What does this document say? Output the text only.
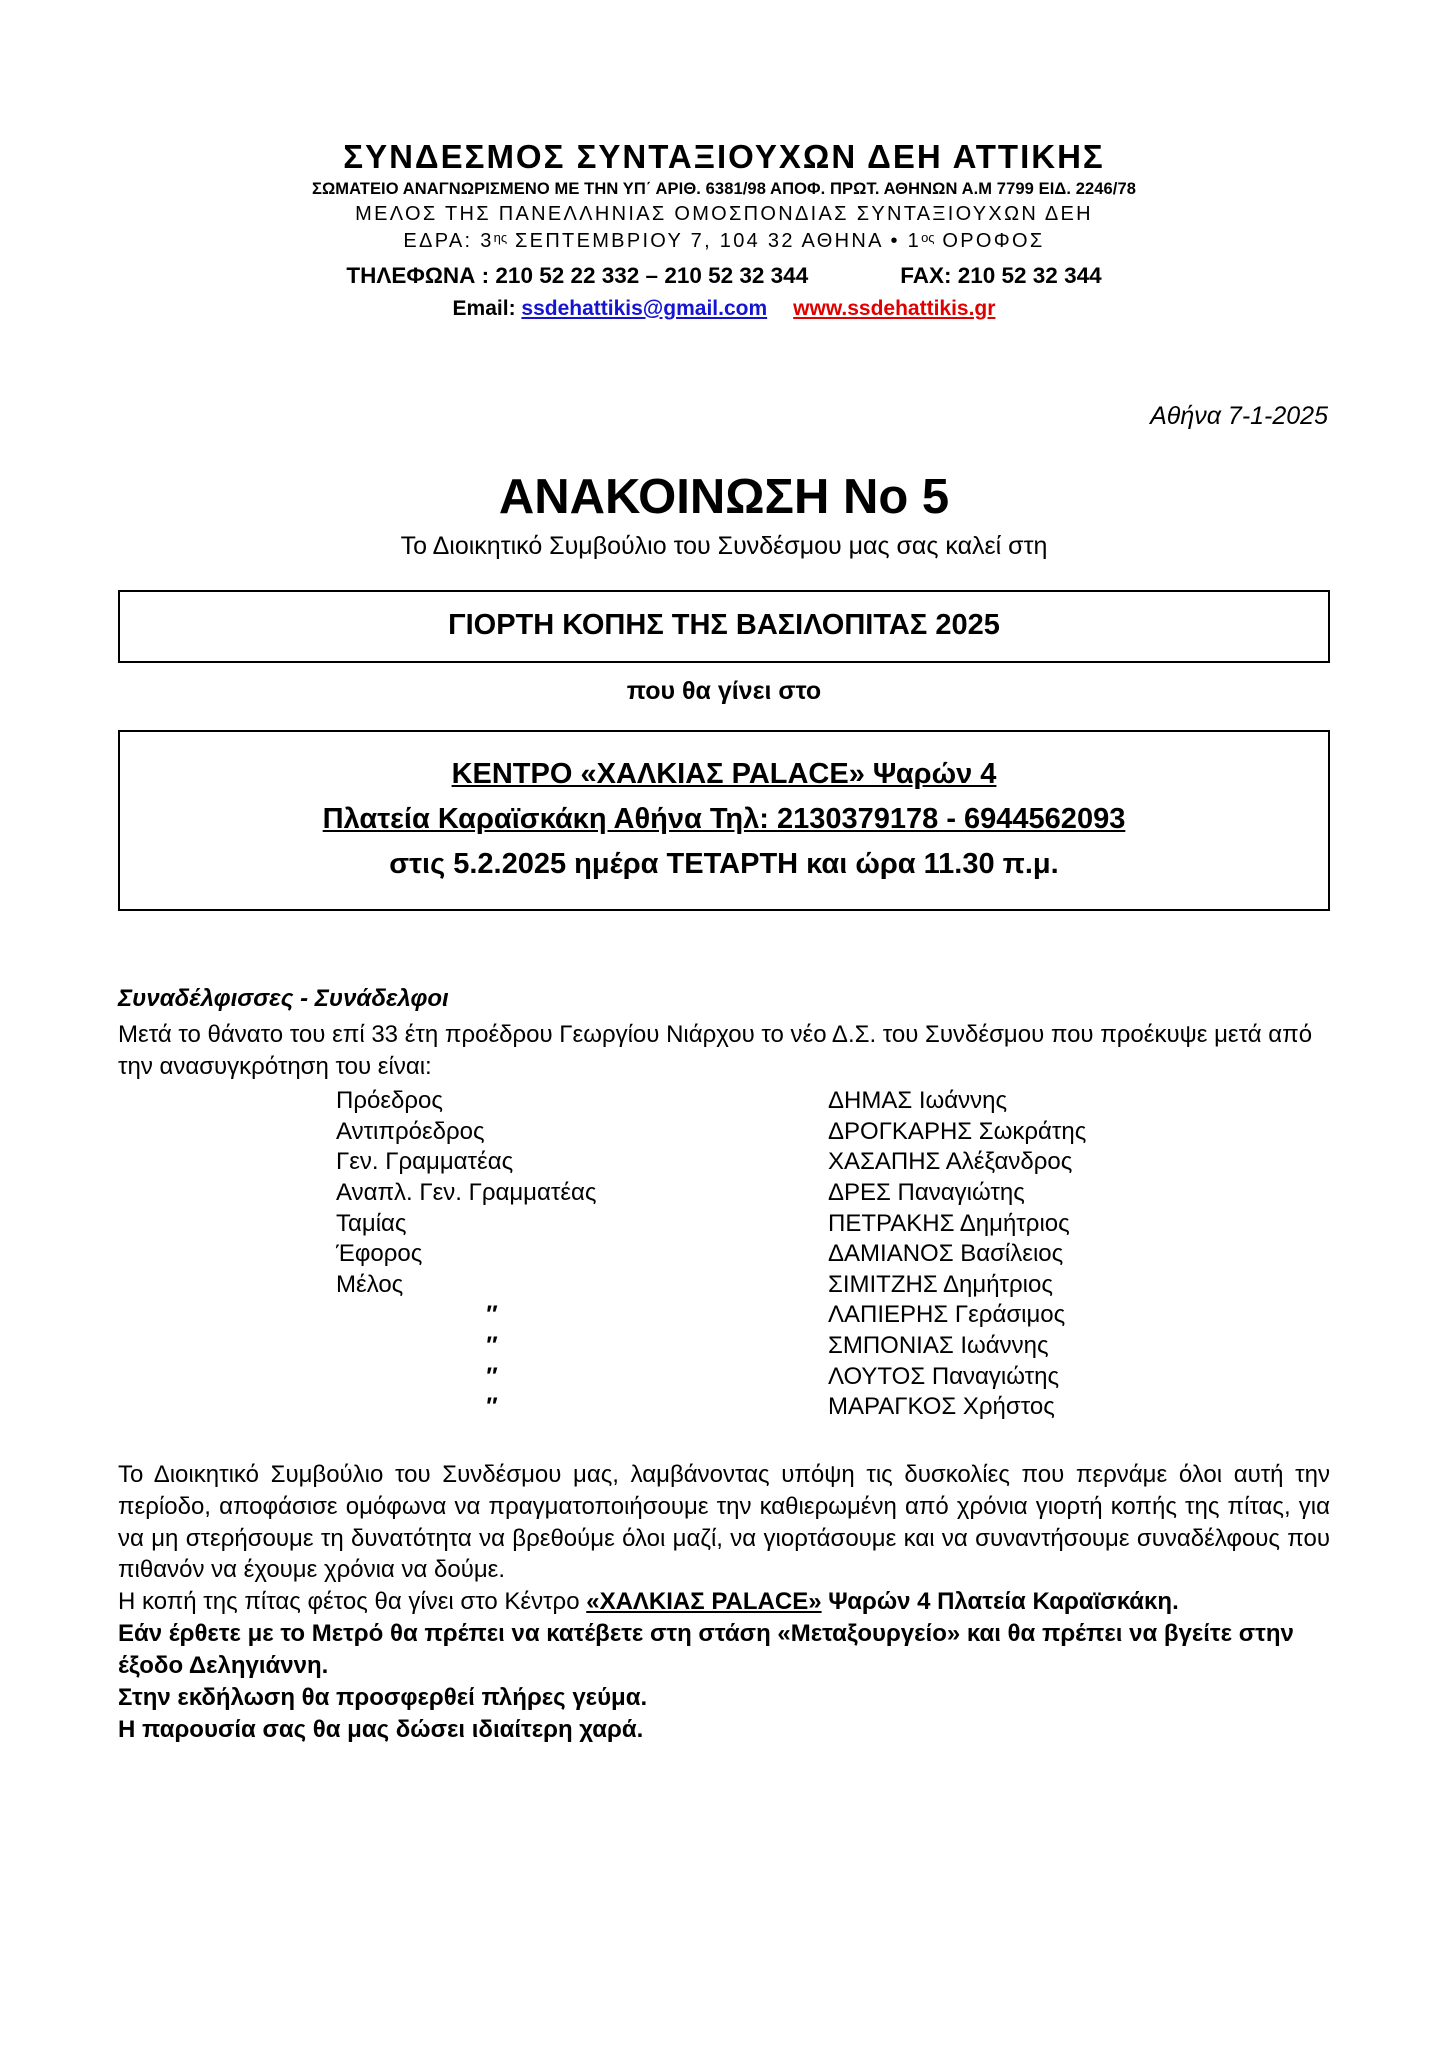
ΣΥΝΔΕΣΜΟΣ ΣΥΝΤΑΞΙΟΥΧΩΝ ΔΕΗ ΑΤΤΙΚΗΣ
ΣΩΜΑΤΕΙΟ ΑΝΑΓΝΩΡΙΣΜΕΝΟ ΜΕ ΤΗΝ ΥΠ΄ ΑΡΙΘ. 6381/98 ΑΠΟΦ. ΠΡΩΤ. ΑΘΗΝΩΝ Α.Μ 7799 ΕΙΔ. 2246/78
ΜΕΛΟΣ ΤΗΣ ΠΑΝΕΛΛΗΝΙΑΣ ΟΜΟΣΠΟΝΔΙΑΣ ΣΥΝΤΑΞΙΟΥΧΩΝ ΔΕΗ
ΕΔΡΑ: $3^{\eta\varsigma}$ ΣΕΠΤΕΜΒΡΙΟΥ 7, 104 32 ΑΘΗΝΑ • $1^{o\varsigma}$ ΟΡΟΦΟΣ
ΤΗΛΕΦΩΝΑ : 210 52 22 332 – 210 52 32 344	FAX: 210 52 32 344
Email: ssdehattikis@gmail.com www.ssdehattikis.gr
Αθήνα 7-1-2025
ΑΝΑΚΟΙΝΩΣΗ Νο 5
Το Διοικητικό Συμβούλιο του Συνδέσμου μας σας καλεί στη
ΓΙΟΡΤΗ ΚΟΠΗΣ ΤΗΣ ΒΑΣΙΛΟΠΙΤΑΣ 2025
που θα γίνει στο
ΚΕΝΤΡΟ «ΧΑΛΚΙΑΣ PALACE» Ψαρών 4
Πλατεία Καραϊσκάκη Αθήνα Τηλ: 2130379178 - 6944562093
στις 5.2.2025 ημέρα ΤΕΤΑΡΤΗ και ώρα 11.30 π.μ.
Συναδέλφισσες - Συνάδελφοι
Μετά το θάνατο του επί 33 έτη προέδρου Γεωργίου Νιάρχου το νέο Δ.Σ. του Συνδέσμου που προέκυψε μετά από την ανασυγκρότηση του είναι:
Πρόεδρος	ΔΗΜΑΣ Ιωάννης
Αντιπρόεδρος	ΔΡΟΓΚΑΡΗΣ Σωκράτης
Γεν. Γραμματέας	ΧΑΣΑΠΗΣ Αλέξανδρος
Αναπλ. Γεν. Γραμματέας	ΔΡΕΣ Παναγιώτης
Ταμίας	ΠΕΤΡΑΚΗΣ Δημήτριος
Έφορος	ΔΑΜΙΑΝΟΣ Βασίλειος
Μέλος	ΣΙΜΙΤΖΗΣ Δημήτριος
″	ΛΑΠΙΕΡΗΣ Γεράσιμος
″	ΣΜΠΟΝΙΑΣ Ιωάννης
″	ΛΟΥΤΟΣ Παναγιώτης
″	ΜΑΡΑΓΚΟΣ Χρήστος

Το Διοικητικό Συμβούλιο του Συνδέσμου μας, λαμβάνοντας υπόψη τις δυσκολίες που περνάμε όλοι αυτή την περίοδο, αποφάσισε ομόφωνα να πραγματοποιήσουμε την καθιερωμένη από χρόνια γιορτή κοπής της πίτας, για να μη στερήσουμε τη δυνατότητα να βρεθούμε όλοι μαζί, να γιορτάσουμε και να συναντήσουμε συναδέλφους που πιθανόν να έχουμε χρόνια να δούμε.

Η κοπή της πίτας φέτος θα γίνει στο Κέντρο «ΧΑΛΚΙΑΣ PALACE» Ψαρών 4 Πλατεία Καραϊσκάκη.

Εάν έρθετε με το Μετρό θα πρέπει να κατέβετε στη στάση «Μεταξουργείο» και θα πρέπει να βγείτε στην έξοδο Δεληγιάννη.

Στην εκδήλωση θα προσφερθεί πλήρες γεύμα.

Η παρουσία σας θα μας δώσει ιδιαίτερη χαρά.
